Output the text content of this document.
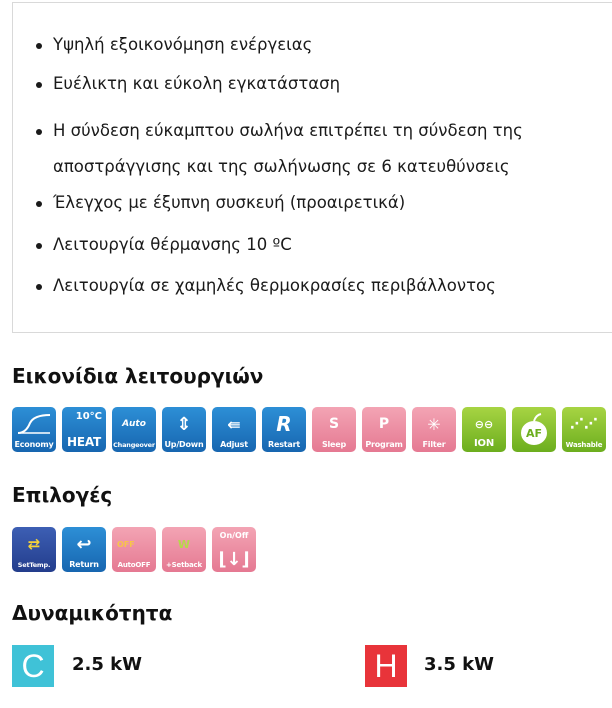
Υψηλή εξοικονόμηση ενέργειας
Ευέλικτη και εύκολη εγκατάσταση
Η σύνδεση εύκαμπτου σωλήνα επιτρέπει τη σύνδεση της αποστράγγισης και της σωλήνωσης σε 6 κατευθύνσεις
Έλεγχος με έξυπνη συσκευή (προαιρετικά)
Λειτουργία θέρμανσης 10 ºC
Λειτουργία σε χαμηλές θερμοκρασίες περιβάλλοντος
Εικονίδια λειτουργιών
Economy
10°C
HEAT
Auto
Changeover
⇕
Up/Down
⇚
Adjust
R
Restart
S
Sleep
P
Program
✳
Filter
⊖⊖
ION
AF
⋰⋰
Washable
Επιλογές
⇄
SetTemp.
↩
Return
OFF
AutoOFF
W
+Setback
On/Off
⌊↓⌋
Δυναμικότητα
C	2.5 kW	H	3.5 kW
